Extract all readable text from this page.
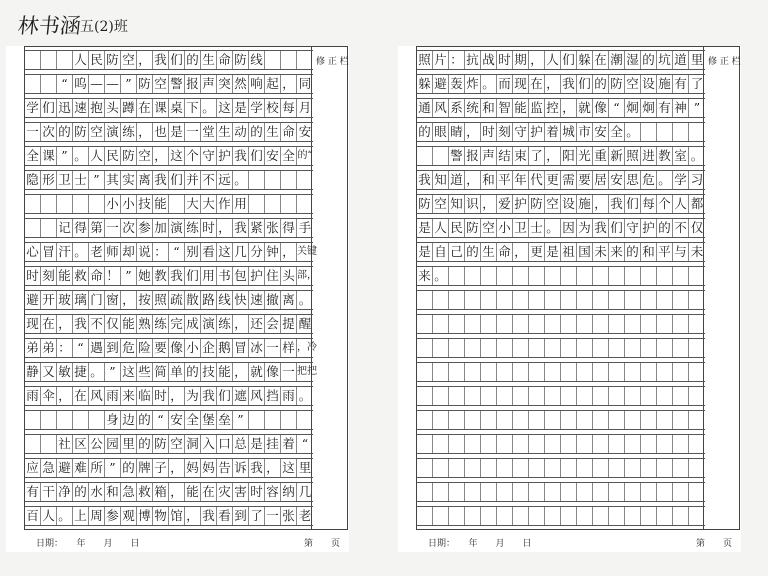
林书涵
五(2)班

人 民 防 空 ， 我 们 的 生 命 防 线

“ 呜 — — ” 防 空 警 报 声 突 然 响 起 ， 同
学 们 迅 速 抱 头 蹲 在 课 桌 下 。 这 是 学 校 每 月
一 次 的 防 空 演 练 ， 也 是 一 堂 生 动 的 生 命 安
全 课 ” 。 人 民 防 空 ， 这 个 守 护 我 们 安 全 的“
隐 形 卫 士 ” 其 实 离 我 们 并 不 远 。

小 小 技 能
　 大 大 作 用

记 得 第 一 次 参 加 演 练 时 ， 我 紧 张 得 手
心 冒 汗 。 老 师 却 说 ： “ 别 看 这 几 分 钟 ， 关键
时 刻 能 救 命 ！ ” 她 教 我 们 用 书 包 护 住 头 部，
避 开 玻 璃 门 窗 ， 按 照 疏 散 路 线 快 速 撤 离 。
现 在 ， 我 不 仅 能 熟 练 完 成 演 练 ， 还 会 提 醒
弟 弟 ： “ 遇 到 危 险 要 像 小 企 鹅 冒 冰 一 样 ，冷
静 又 敏 捷 。 ” 这 些 简 单 的 技 能 ， 就 像 一 把把
雨 伞 ， 在 风 雨 来 临 时 ， 为 我 们 遮 风 挡 雨 。

身 边 的 “ 安 全 堡 垒 ”

社 区 公 园 里 的 防 空 洞 入 口 总 是 挂 着 “
应 急 避 难 所 ” 的 牌 子 ， 妈 妈 告 诉 我 ， 这 里
有 干 净 的 水 和 急 救 箱 ， 能 在 灾 害 时 容 纳 几
百 人 。 上 周 参 观 博 物 馆 ， 我 看 到 了 一 张 老
修 正 栏
日期：　　年　　月　　日	第　　页
照 片 ： 抗 战 时 期 ， 人 们 躲 在 潮 湿 的 坑 道 里
躲 避 轰 炸 。 而 现 在 ， 我 们 的 防 空 设 施 有 了
通 风 系 统 和 智 能 监 控 ， 就 像 “ 炯 炯 有 神 ”
的 眼 睛 ， 时 刻 守 护 着 城 市 安 全 。

警 报 声 结 束 了 ， 阳 光 重 新 照 进 教 室 。
我 知 道 ， 和 平 年 代 更 需 要 居 安 思 危 。 学 习
防 空 知 识 ， 爱 护 防 空 设 施 ， 我 们 每 个 人 都
是 人 民 防 空 小 卫 士 。 因 为 我 们 守 护 的 不 仅
是 自 己 的 生 命 ， 更 是 祖 国 未 来 的 和 平 与 未
来 。
修 正 栏
日期：　　年　　月　　日	第　　页
